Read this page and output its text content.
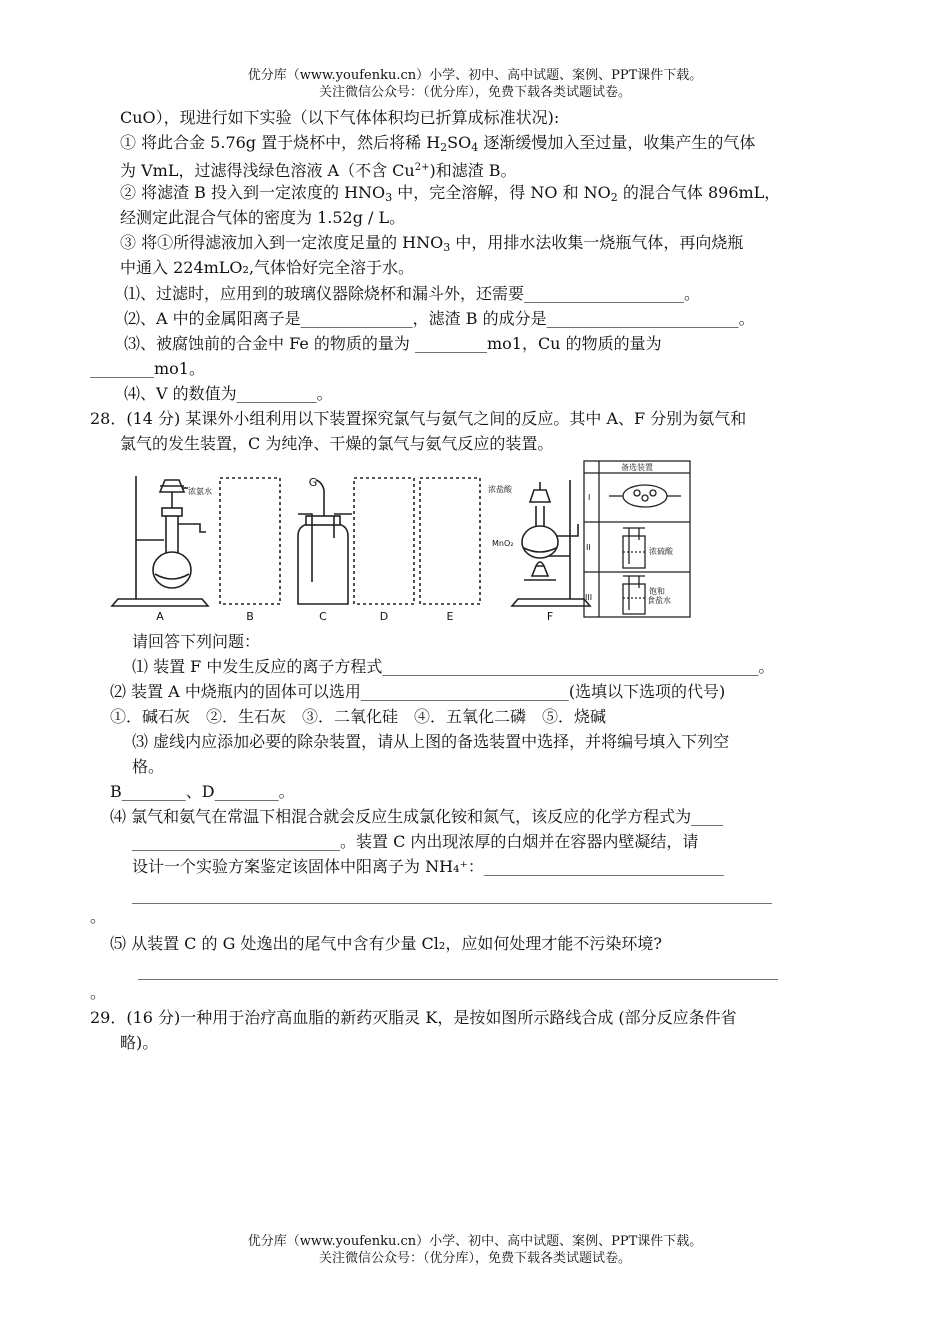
优分库（www.youfenku.cn）小学、初中、高中试题、案例、PPT课件下载。
关注微信公众号：（优分库），免费下载各类试题试卷。
CuO），现进行如下实验（以下气体体积均已折算成标准状况):
① 将此合金 5.76g 置于烧杯中，然后将稀 $H_2SO_4$ 逐渐缓慢加入至过量，收集产生的气体
为 VmL，过滤得浅绿色溶液 A（不含 $Cu^{2+}$)和滤渣 B。
② 将滤渣 B 投入到一定浓度的 $HNO_3$ 中，完全溶解，得 NO 和 $NO_2$ 的混合气体 896mL，
经测定此混合气体的密度为 1.52g / L。
③ 将①所得滤液加入到一定浓度足量的 $HNO_3$ 中，用排水法收集一烧瓶气体，再向烧瓶
中通入 224mLO₂,气体恰好完全溶于水。
⑴、过滤时，应用到的玻璃仪器除烧杯和漏斗外，还需要____________________。
⑵、A 中的金属阳离子是______________，滤渣 B 的成分是________________________。
⑶、被腐蚀前的合金中 Fe 的物质的量为 _________mo1，Cu 的物质的量为
________mo1。
⑷、V 的数值为__________。
28．(14 分) 某课外小组利用以下装置探究氯气与氨气之间的反应。其中 A、F 分别为氨气和
氯气的发生装置，C 为纯净、干燥的氯气与氨气反应的装置。
A	B	C	D	E	F
G
浓氨水	浓盐酸
MnO₂
备选装置
I
II
III
浓硫酸
饱和
食盐水
请回答下列问题：
⑴ 装置 F 中发生反应的离子方程式_______________________________________________。
⑵ 装置 A 中烧瓶内的固体可以选用__________________________(选填以下选项的代号)
①．碱石灰　②．生石灰　③．二氧化硅　④．五氧化二磷　⑤．烧碱
⑶ 虚线内应添加必要的除杂装置，请从上图的备选装置中选择，并将编号填入下列空
格。
B________、D________。
⑷ 氯气和氨气在常温下相混合就会反应生成氯化铵和氮气，该反应的化学方程式为____
__________________________。装置 C 内出现浓厚的白烟并在容器内壁凝结，请
设计一个实验方案鉴定该固体中阳离子为 NH₄⁺：______________________________
________________________________________________________________________________
。
⑸ 从装置 C 的 G 处逸出的尾气中含有少量 Cl₂，应如何处理才能不污染环境?
________________________________________________________________________________
。
29．(16 分)一种用于治疗高血脂的新药灭脂灵 K，是按如图所示路线合成 (部分反应条件省
略)。
优分库（www.youfenku.cn）小学、初中、高中试题、案例、PPT课件下载。
关注微信公众号：（优分库），免费下载各类试题试卷。
